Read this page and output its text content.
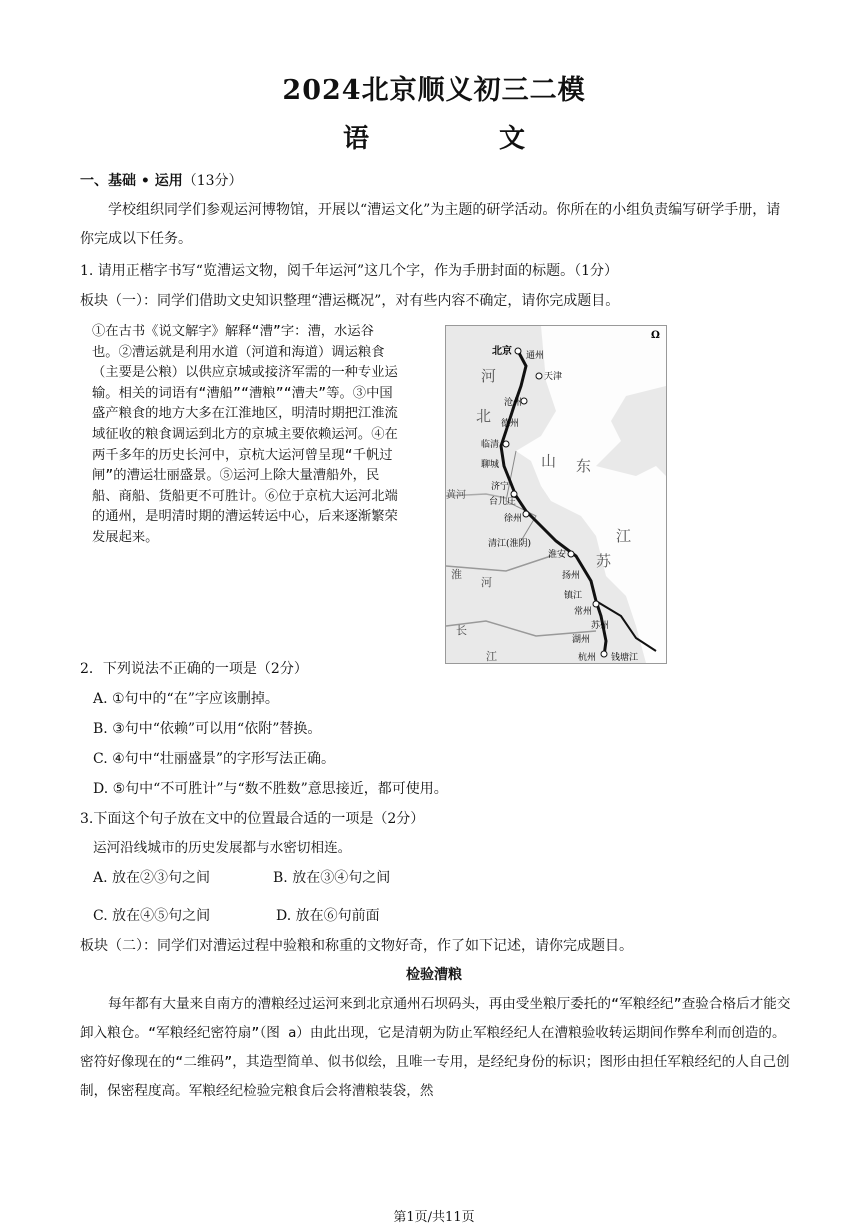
2024北京顺义初三二模
语　文
一、基础 • 运用（13分）
学校组织同学们参观运河博物馆，开展以“漕运文化”为主题的研学活动。你所在的小组负责编写研学手册，请你完成以下任务。
1. 请用正楷字书写“览漕运文物，阅千年运河”这几个字，作为手册封面的标题。（1分）
板块（一）：同学们借助文史知识整理“漕运概况”，对有些内容不确定，请你完成题目。
①在古书《说文解字》解释“漕”字：漕，水运谷也。②漕运就是利用水道（河道和海道）调运粮食（主要是公粮）以供应京城或接济军需的一种专业运输。相关的词语有“漕船”“漕粮”“漕夫”等。③中国盛产粮食的地方大多在江淮地区，明清时期把江淮流域征收的粮食调运到北方的京城主要依赖运河。④在两千多年的历史长河中，京杭大运河曾呈现“千帆过闸”的漕运壮丽盛景。⑤运河上除大量漕船外，民船、商船、货船更不可胜计。⑥位于京杭大运河北端的通州，是明清时期的漕运转运中心，后来逐渐繁荣发展起来。
北京 通州
天津
沧州
德州
临清
聊城
济宁
台儿庄
徐州
清江(淮阴)
淮安
扬州
镇江
常州
苏州
湖州
杭州 钱塘江
河
北
山 东
江
苏
黄河
淮
河
长
江
Ω
2．下列说法不正确的一项是（2分）
A. ①句中的“在”字应该删掉。
B. ③句中“依赖”可以用“依附”替换。
C. ④句中“壮丽盛景”的字形写法正确。
D. ⑤句中“不可胜计”与“数不胜数”意思接近，都可使用。
3.下面这个句子放在文中的位置最合适的一项是（2分）
运河沿线城市的历史发展都与水密切相连。
A. 放在②③句之间	B. 放在③④句之间
C. 放在④⑤句之间	D. 放在⑥句前面
板块（二）：同学们对漕运过程中验粮和称重的文物好奇，作了如下记述，请你完成题目。
检验漕粮
每年都有大量来自南方的漕粮经过运河来到北京通州石坝码头，再由受坐粮厅委托的“军粮经纪”查验合格后才能交卸入粮仓。“军粮经纪密符扇”（图 a）由此出现，它是清朝为防止军粮经纪人在漕粮验收转运期间作弊牟利而创造的。密符好像现在的“二维码”，其造型简单、似书似绘，且唯一专用，是经纪身份的标识；图形由担任军粮经纪的人自己创制，保密程度高。军粮经纪检验完粮食后会将漕粮装袋，然
第1页/共11页
